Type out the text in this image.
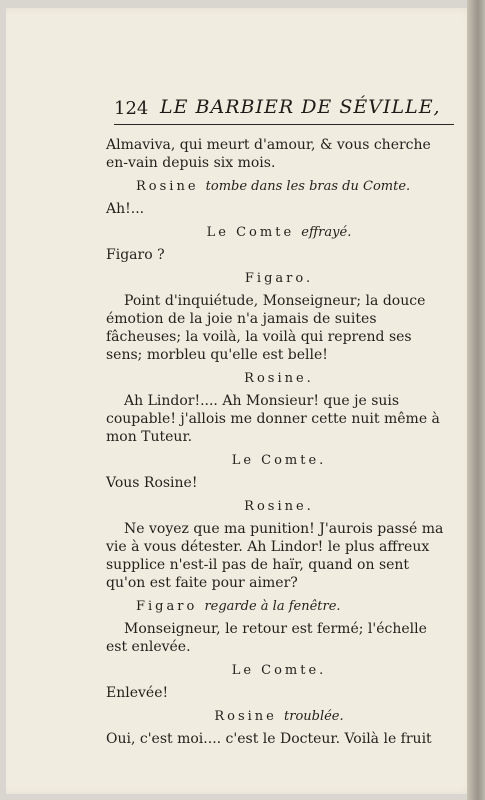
124 LE BARBIER DE SÉVILLE,

Almaviva, qui meurt d'amour, & vous cherche en-vain depuis six mois.

Rosine tombe dans les bras du Comte.

Ah!...

Le Comte effrayé.

Figaro ?

Figaro.

Point d'inquiétude, Monseigneur; la douce émotion de la joie n'a jamais de suites fâcheuses; la voilà, la voilà qui reprend ses sens; morbleu qu'elle est belle!

Rosine.

Ah Lindor!.... Ah Monsieur! que je suis coupable! j'allois me donner cette nuit même à mon Tuteur.

Le Comte.

Vous Rosine!

Rosine.

Ne voyez que ma punition! J'aurois passé ma vie à vous détester. Ah Lindor! le plus affreux supplice n'est-il pas de haïr, quand on sent qu'on est faite pour aimer?

Figaro regarde à la fenêtre.

Monseigneur, le retour est fermé; l'échelle est enlevée.

Le Comte.

Enlevée!

Rosine troublée.

Oui, c'est moi.... c'est le Docteur. Voilà le fruit
